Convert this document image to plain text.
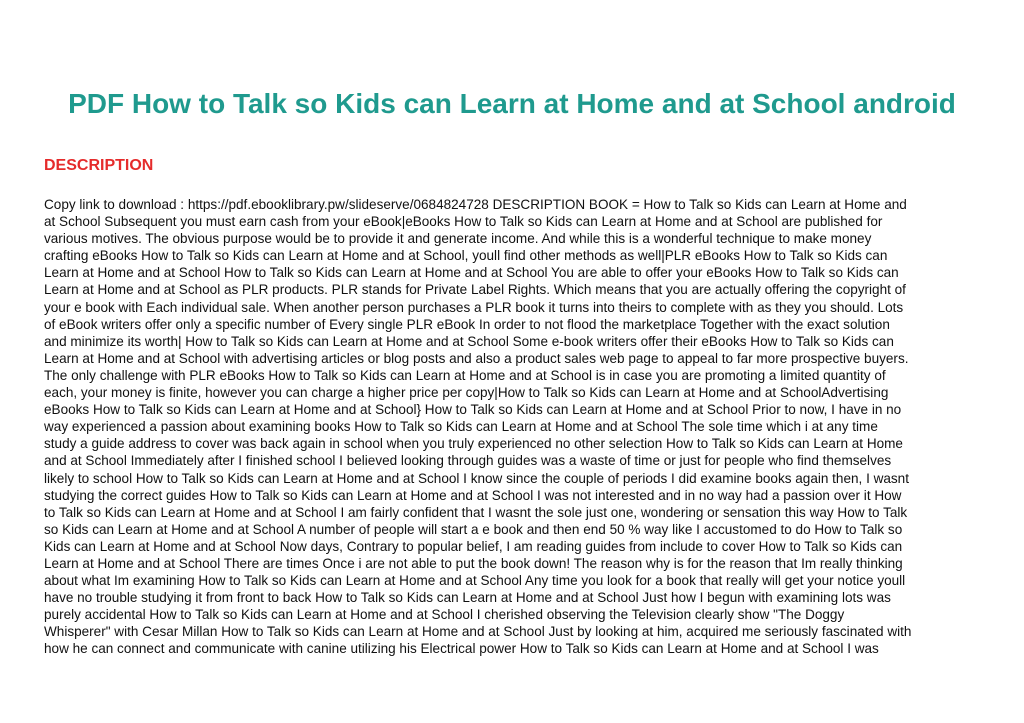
PDF How to Talk so Kids can Learn at Home and at School android
DESCRIPTION
Copy link to download : https://pdf.ebooklibrary.pw/slideserve/0684824728 DESCRIPTION BOOK = How to Talk so Kids can Learn at Home and
at School Subsequent you must earn cash from your eBook|eBooks How to Talk so Kids can Learn at Home and at School are published for
various motives. The obvious purpose would be to provide it and generate income. And while this is a wonderful technique to make money
crafting eBooks How to Talk so Kids can Learn at Home and at School, youll find other methods as well|PLR eBooks How to Talk so Kids can
Learn at Home and at School How to Talk so Kids can Learn at Home and at School You are able to offer your eBooks How to Talk so Kids can
Learn at Home and at School as PLR products. PLR stands for Private Label Rights. Which means that you are actually offering the copyright of
your e book with Each individual sale. When another person purchases a PLR book it turns into theirs to complete with as they you should. Lots
of eBook writers offer only a specific number of Every single PLR eBook In order to not flood the marketplace Together with the exact solution
and minimize its worth| How to Talk so Kids can Learn at Home and at School Some e-book writers offer their eBooks How to Talk so Kids can
Learn at Home and at School with advertising articles or blog posts and also a product sales web page to appeal to far more prospective buyers.
The only challenge with PLR eBooks How to Talk so Kids can Learn at Home and at School is in case you are promoting a limited quantity of
each, your money is finite, however you can charge a higher price per copy|How to Talk so Kids can Learn at Home and at SchoolAdvertising
eBooks How to Talk so Kids can Learn at Home and at School} How to Talk so Kids can Learn at Home and at School Prior to now, I have in no
way experienced a passion about examining books How to Talk so Kids can Learn at Home and at School The sole time which i at any time
study a guide address to cover was back again in school when you truly experienced no other selection How to Talk so Kids can Learn at Home
and at School Immediately after I finished school I believed looking through guides was a waste of time or just for people who find themselves
likely to school How to Talk so Kids can Learn at Home and at School I know since the couple of periods I did examine books again then, I wasnt
studying the correct guides How to Talk so Kids can Learn at Home and at School I was not interested and in no way had a passion over it How
to Talk so Kids can Learn at Home and at School I am fairly confident that I wasnt the sole just one, wondering or sensation this way How to Talk
so Kids can Learn at Home and at School A number of people will start a e book and then end 50 % way like I accustomed to do How to Talk so
Kids can Learn at Home and at School Now days, Contrary to popular belief, I am reading guides from include to cover How to Talk so Kids can
Learn at Home and at School There are times Once i are not able to put the book down! The reason why is for the reason that Im really thinking
about what Im examining How to Talk so Kids can Learn at Home and at School Any time you look for a book that really will get your notice youll
have no trouble studying it from front to back How to Talk so Kids can Learn at Home and at School Just how I begun with examining lots was
purely accidental How to Talk so Kids can Learn at Home and at School I cherished observing the Television clearly show "The Doggy
Whisperer" with Cesar Millan How to Talk so Kids can Learn at Home and at School Just by looking at him, acquired me seriously fascinated with
how he can connect and communicate with canine utilizing his Electrical power How to Talk so Kids can Learn at Home and at School I was
